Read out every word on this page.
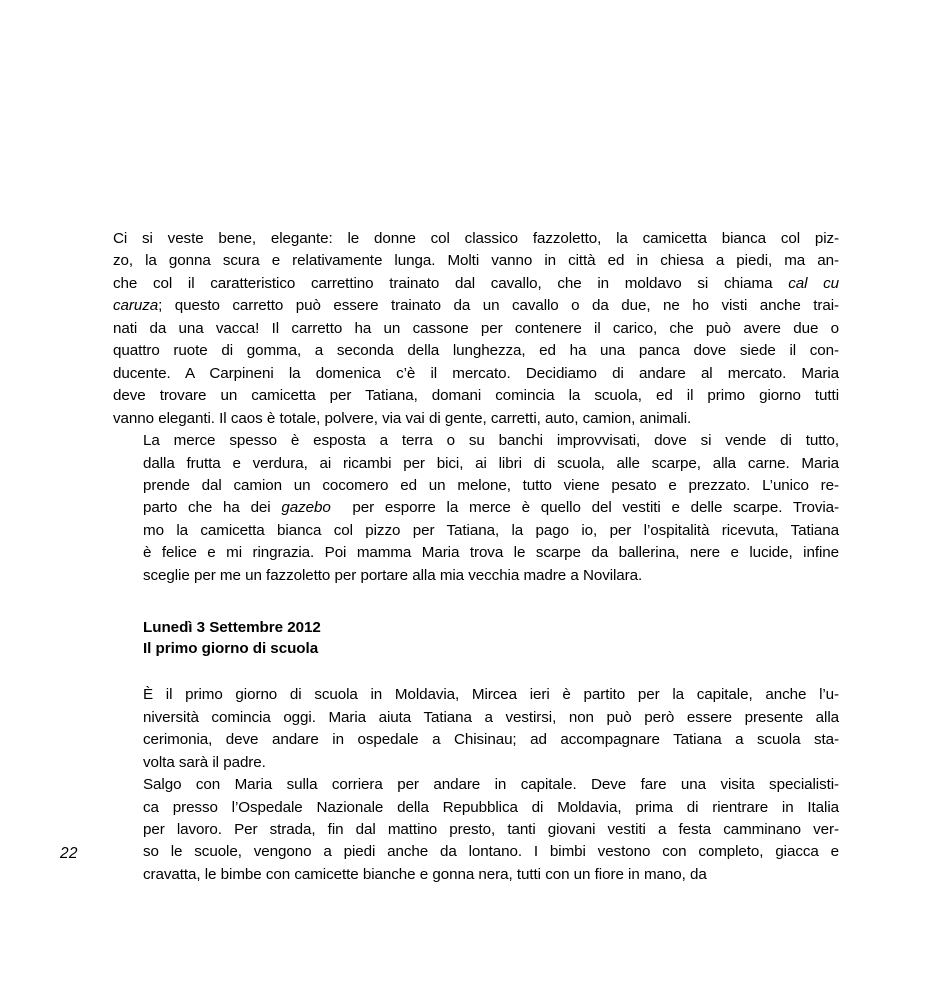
22

Ci si veste bene, elegante: le donne col classico fazzoletto, la camicetta bianca col piz-
zo, la gonna scura e relativamente lunga. Molti vanno in città ed in chiesa a piedi, ma an-
che col il caratteristico carrettino trainato dal cavallo, che in moldavo si chiama cal cu
caruza; questo carretto può essere trainato da un cavallo o da due, ne ho visti anche trai-
nati da una vacca! Il carretto ha un cassone per contenere il carico, che può avere due o
quattro ruote di gomma, a seconda della lunghezza, ed ha una panca dove siede il con-
ducente. A Carpineni la domenica c’è il mercato. Decidiamo di andare al mercato. Maria
deve trovare un camicetta per Tatiana, domani comincia la scuola, ed il primo giorno tutti
vanno eleganti. Il caos è totale, polvere, via vai di gente, carretti, auto, camion, animali.

La merce spesso è esposta a terra o su banchi improvvisati, dove si vende di tutto,
dalla frutta e verdura, ai ricambi per bici, ai libri di scuola, alle scarpe, alla carne. Maria
prende dal camion un cocomero ed un melone, tutto viene pesato e prezzato. L’unico re-
parto che ha dei gazebo  per esporre la merce è quello del vestiti e delle scarpe. Trovia-
mo la camicetta bianca col pizzo per Tatiana, la pago io, per l’ospitalità ricevuta, Tatiana
è felice e mi ringrazia. Poi mamma Maria trova le scarpe da ballerina, nere e lucide, infine
sceglie per me un fazzoletto per portare alla mia vecchia madre a Novilara.

Lunedì 3 Settembre 2012
Il primo giorno di scuola

È il primo giorno di scuola in Moldavia, Mircea ieri è partito per la capitale, anche l’u-
niversità comincia oggi. Maria aiuta Tatiana a vestirsi, non può però essere presente alla
cerimonia, deve andare in ospedale a Chisinau; ad accompagnare Tatiana a scuola sta-
volta sarà il padre.

Salgo con Maria sulla corriera per andare in capitale. Deve fare una visita specialisti-
ca presso l’Ospedale Nazionale della Repubblica di Moldavia, prima di rientrare in Italia
per lavoro. Per strada, fin dal mattino presto, tanti giovani vestiti a festa camminano ver-
so le scuole, vengono a piedi anche da lontano. I bimbi vestono con completo, giacca e
cravatta, le bimbe con camicette bianche e gonna nera, tutti con un fiore in mano, da
